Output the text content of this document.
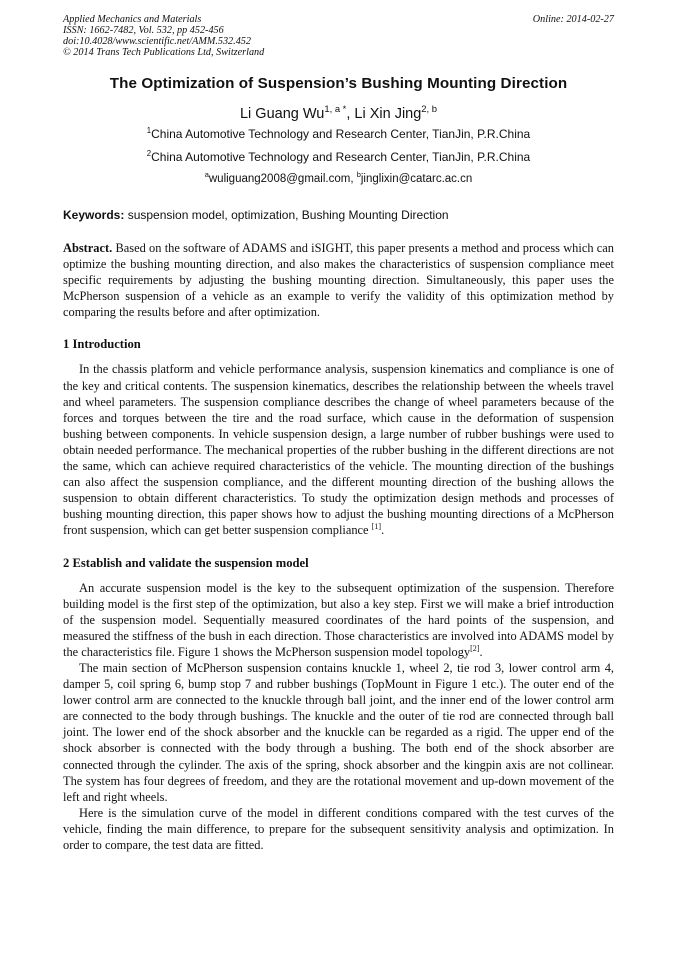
Applied Mechanics and Materials
ISSN: 1662-7482, Vol. 532, pp 452-456
doi:10.4028/www.scientific.net/AMM.532.452
© 2014 Trans Tech Publications Ltd, Switzerland
Online: 2014-02-27
The Optimization of Suspension’s Bushing Mounting Direction
Li Guang $Wu^{1, a *}$, Li Xin Jing$^{2, b}$
$^1$China Automotive Technology and Research Center, TianJin, P.R.China
$^2$China Automotive Technology and Research Center, TianJin, P.R.China
$^a$wuliguang2008@gmail.com, $^b$jinglixin@catarc.ac.cn
Keywords: suspension model, optimization, Bushing Mounting Direction

Abstract. Based on the software of ADAMS and iSIGHT, this paper presents a method and process which can optimize the bushing mounting direction, and also makes the characteristics of suspension compliance meet specific requirements by adjusting the bushing mounting direction. Simultaneously, this paper uses the McPherson suspension of a vehicle as an example to verify the validity of this optimization method by comparing the results before and after optimization.

1 Introduction

In the chassis platform and vehicle performance analysis, suspension kinematics and compliance is one of the key and critical contents. The suspension kinematics, describes the relationship between the wheels travel and wheel parameters. The suspension compliance describes the change of wheel parameters because of the forces and torques between the tire and the road surface, which cause in the deformation of suspension bushing between components. In vehicle suspension design, a large number of rubber bushings were used to obtain needed performance. The mechanical properties of the rubber bushing in the different directions are not the same, which can achieve required characteristics of the vehicle. The mounting direction of the bushings can also affect the suspension compliance, and the different mounting direction of the bushing allows the suspension to obtain different characteristics. To study the optimization design methods and processes of bushing mounting direction, this paper shows how to adjust the bushing mounting directions of a McPherson front suspension, which can get better suspension compliance [1].

2 Establish and validate the suspension model

An accurate suspension model is the key to the subsequent optimization of the suspension. Therefore building model is the first step of the optimization, but also a key step. First we will make a brief introduction of the suspension model. Sequentially measured coordinates of the hard points of the suspension, and measured the stiffness of the bush in each direction. Those characteristics are involved into ADAMS model by the characteristics file. Figure 1 shows the McPherson suspension model topology[2].

The main section of McPherson suspension contains knuckle 1, wheel 2, tie rod 3, lower control arm 4, damper 5, coil spring 6, bump stop 7 and rubber bushings (TopMount in Figure 1 etc.). The outer end of the lower control arm are connected to the knuckle through ball joint, and the inner end of the lower control arm are connected to the body through bushings. The knuckle and the outer of tie rod are connected through ball joint. The lower end of the shock absorber and the knuckle can be regarded as a rigid. The upper end of the shock absorber is connected with the body through a bushing. The both end of the shock absorber are connected through the cylinder. The axis of the spring, shock absorber and the kingpin axis are not collinear. The system has four degrees of freedom, and they are the rotational movement and up-down movement of the left and right wheels.

Here is the simulation curve of the model in different conditions compared with the test curves of the vehicle, finding the main difference, to prepare for the subsequent sensitivity analysis and optimization. In order to compare, the test data are fitted.
